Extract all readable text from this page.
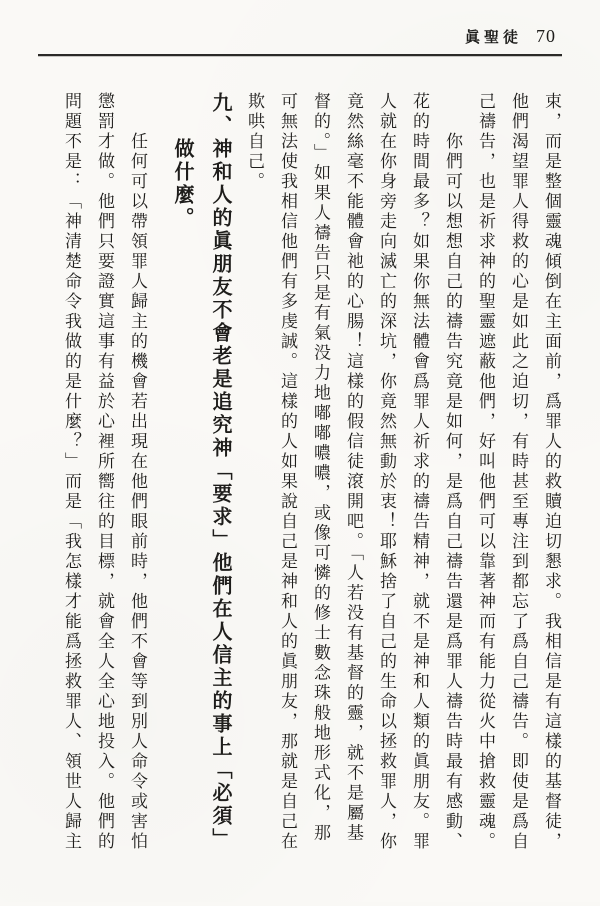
眞聖徒 70
束，而是整個靈魂傾倒在主面前，爲罪人的救贖迫切懇求。我相信是有這樣的基督徒，
他們渴望罪人得救的心是如此之迫切，有時甚至專注到都忘了爲自己禱告。即使是爲自
己禱告，也是祈求神的聖靈遮蔽他們，好叫他們可以靠著神而有能力從火中搶救靈魂。
你們可以想想自己的禱告究竟是如何，是爲自己禱告還是爲罪人禱告時最有感動、
花的時間最多？如果你無法體會爲罪人祈求的禱告精神，就不是神和人類的眞朋友。罪
人就在你身旁走向滅亡的深坑，你竟然無動於衷！耶穌捨了自己的生命以拯救罪人，你
竟然絲毫不能體會祂的心腸！這樣的假信徒滾開吧。「人若没有基督的靈，就不是屬基
督的。」如果人禱告只是有氣没力地嘟嘟噥噥，或像可憐的修士數念珠般地形式化，那
可無法使我相信他們有多虔誠。這樣的人如果說自己是神和人的眞朋友，那就是自己在
欺哄自己。
九、神和人的眞朋友不會老是追究神「要求」他們在人信主的事上「必須」
做什麼。
任何可以帶領罪人歸主的機會若出現在他們眼前時，他們不會等到別人命令或害怕
懲罰才做。他們只要證實這事有益於心裡所嚮往的目標，就會全人全心地投入。他們的
問題不是：「神清楚命令我做的是什麼？」而是「我怎樣才能爲拯救罪人、領世人歸主
